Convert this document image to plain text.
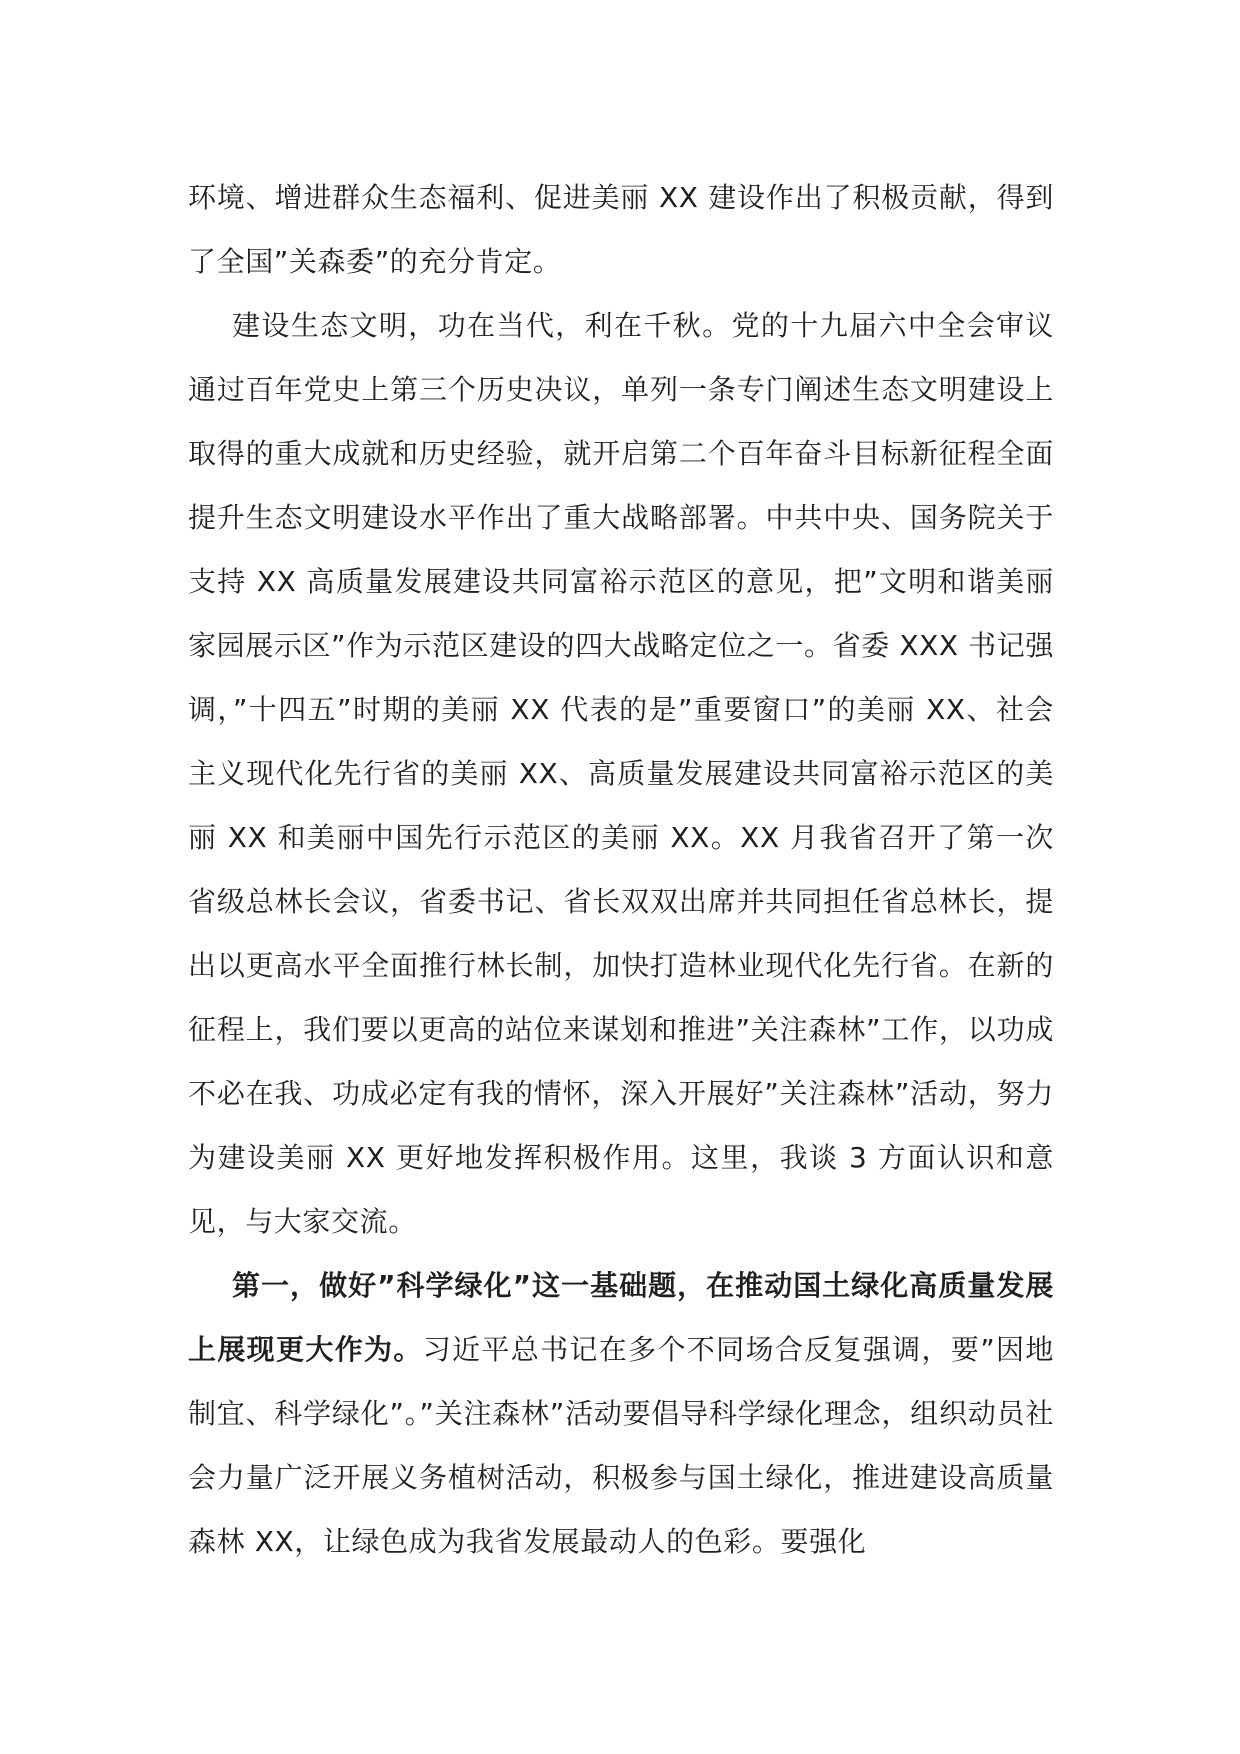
环境、增进群众生态福利、促进美丽 XX 建设作出了积极贡献，得到了全国”关森委”的充分肯定。

建设生态文明，功在当代，利在千秋。党的十九届六中全会审议通过百年党史上第三个历史决议，单列一条专门阐述生态文明建设上取得的重大成就和历史经验，就开启第二个百年奋斗目标新征程全面提升生态文明建设水平作出了重大战略部署。中共中央、国务院关于支持 XX 高质量发展建设共同富裕示范区的意见，把”文明和谐美丽家园展示区”作为示范区建设的四大战略定位之一。省委 XXX 书记强调，”十四五”时期的美丽 XX 代表的是”重要窗口”的美丽 XX、社会主义现代化先行省的美丽 XX、高质量发展建设共同富裕示范区的美丽 XX 和美丽中国先行示范区的美丽 XX。XX 月我省召开了第一次省级总林长会议，省委书记、省长双双出席并共同担任省总林长，提出以更高水平全面推行林长制，加快打造林业现代化先行省。在新的征程上，我们要以更高的站位来谋划和推进”关注森林”工作，以功成不必在我、功成必定有我的情怀，深入开展好”关注森林”活动，努力为建设美丽 XX 更好地发挥积极作用。这里，我谈 3 方面认识和意见，与大家交流。

第一，做好”科学绿化”这一基础题，在推动国土绿化高质量发展上展现更大作为。习近平总书记在多个不同场合反复强调，要”因地制宜、科学绿化”。”关注森林”活动要倡导科学绿化理念，组织动员社会力量广泛开展义务植树活动，积极参与国土绿化，推进建设高质量森林 XX，让绿色成为我省发展最动人的色彩。要强化
